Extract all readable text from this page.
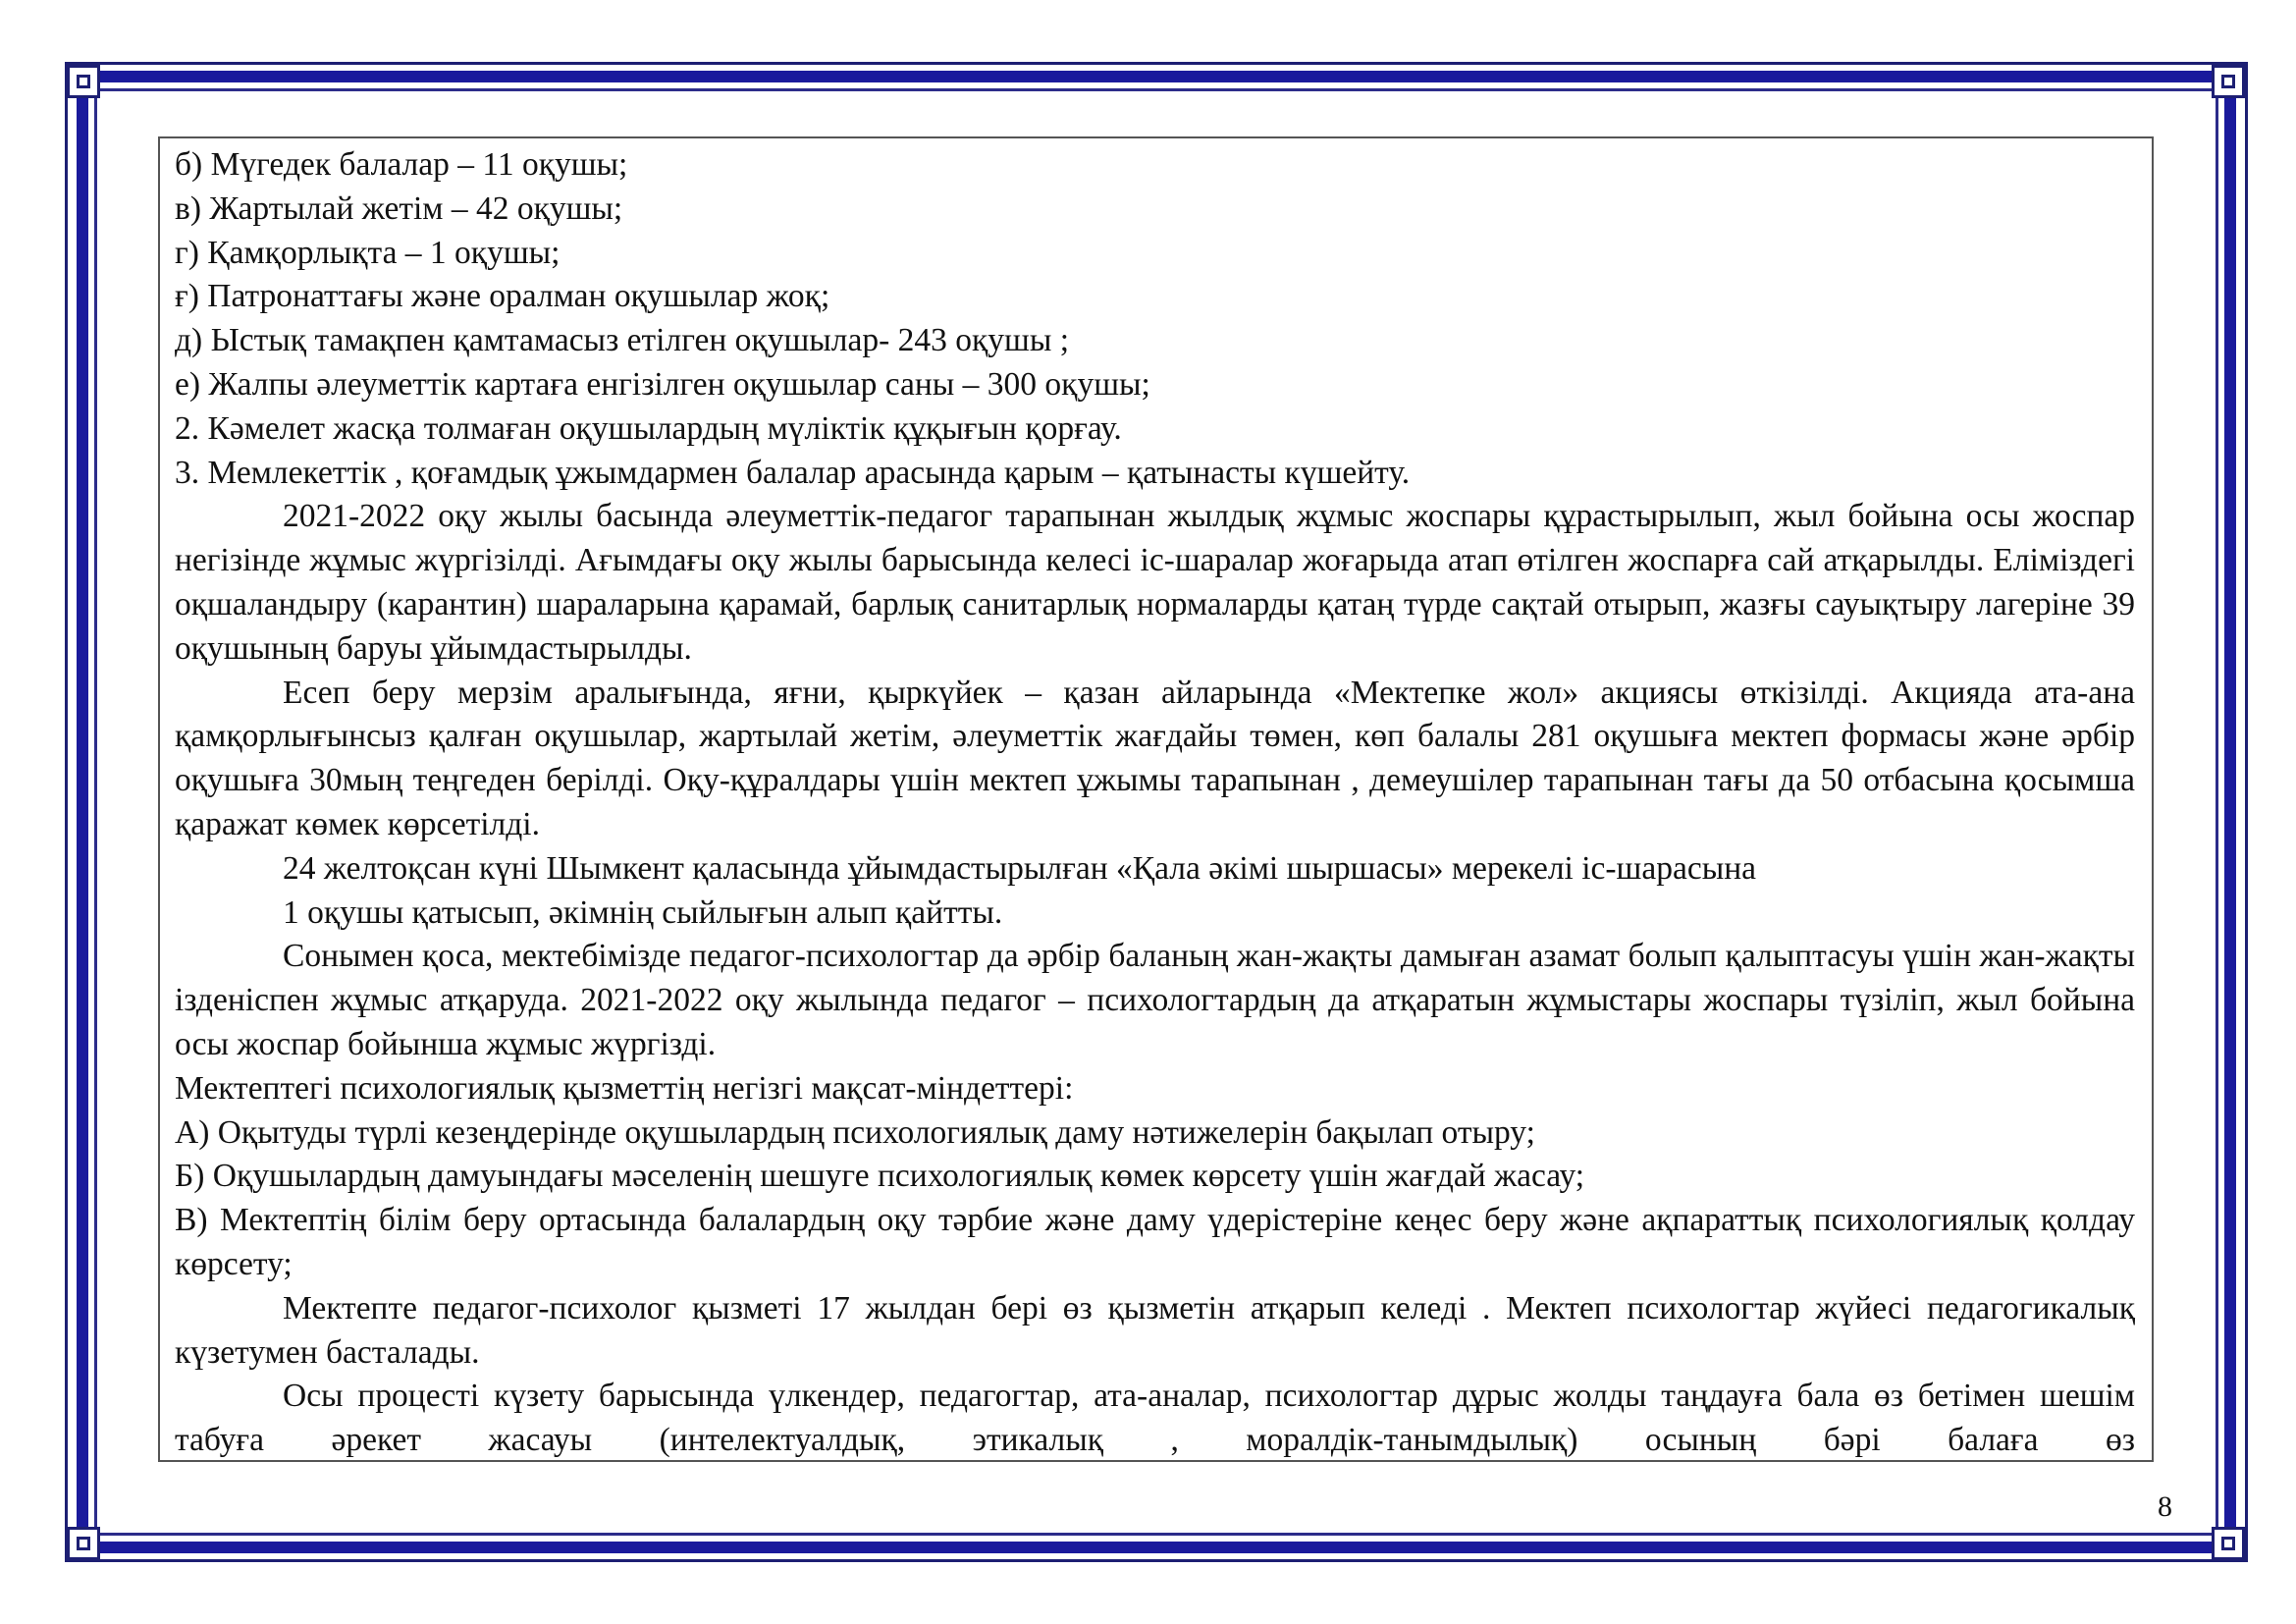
б) Мүгедек балалар – 11 оқушы;
в) Жартылай жетім – 42 оқушы;
г) Қамқорлықта – 1 оқушы;
ғ) Патронаттағы және оралман оқушылар жоқ;
д) Ыстық тамақпен қамтамасыз етілген оқушылар- 243 оқушы ;
е) Жалпы әлеуметтік картаға енгізілген оқушылар саны – 300 оқушы;
2. Кәмелет жасқа толмаған оқушылардың мүліктік құқығын қорғау.
3. Мемлекеттік , қоғамдық ұжымдармен балалар арасында қарым – қатынасты күшейту.
2021-2022 оқу жылы басында әлеуметтік-педагог тарапынан жылдық жұмыс жоспары құрастырылып, жыл бойына осы жоспар негізінде жұмыс жүргізілді. Ағымдағы оқу жылы барысында келесі іс-шаралар жоғарыда атап өтілген жоспарға сай атқарылды. Еліміздегі оқшаландыру (карантин) шараларына қарамай, барлық санитарлық нормаларды қатаң түрде сақтай отырып, жазғы сауықтыру лагеріне 39 оқушының баруы ұйымдастырылды.
Есеп беру мерзім аралығында, яғни, қыркүйек – қазан айларында «Мектепке жол» акциясы өткізілді. Акцияда ата-ана қамқорлығынсыз қалған оқушылар, жартылай жетім, әлеуметтік жағдайы төмен, көп балалы 281 оқушыға мектеп формасы және әрбір оқушыға 30мың теңгеден берілді. Оқу-құралдары үшін мектеп ұжымы тарапынан , демеушілер тарапынан тағы да 50 отбасына қосымша қаражат көмек көрсетілді.
24 желтоқсан күні Шымкент қаласында ұйымдастырылған «Қала әкімі шыршасы» мерекелі іс-шарасына
1 оқушы қатысып, әкімнің сыйлығын алып қайтты.
Сонымен қоса, мектебімізде педагог-психологтар да әрбір баланың жан-жақты дамыған азамат болып қалыптасуы үшін жан-жақты ізденіспен жұмыс атқаруда. 2021-2022 оқу жылында педагог – психологтардың да атқаратын жұмыстары жоспары түзіліп, жыл бойына осы жоспар бойынша жұмыс жүргізді.
Мектептегі психологиялық қызметтің негізгі мақсат-міндеттері:
А) Оқытуды түрлі кезеңдерінде оқушылардың психологиялық даму нәтижелерін бақылап отыру;
Б) Оқушылардың дамуындағы мәселенің шешуге психологиялық көмек көрсету үшін жағдай жасау;
В) Мектептің білім беру ортасында балалардың оқу тәрбие және даму үдерістеріне кеңес беру және ақпараттық психологиялық қолдау көрсету;
Мектепте педагог-психолог қызметі 17 жылдан бері өз қызметін атқарып келеді . Мектеп психологтар жүйесі педагогикалық күзетумен басталады.
Осы процесті күзету барысында үлкендер, педагогтар, ата-аналар, психологтар дұрыс жолды таңдауға бала өз бетімен шешім табуға әрекет жасауы (интелектуалдық, этикалық , моралдік-танымдылық) осының бәрі балаға өз
8
